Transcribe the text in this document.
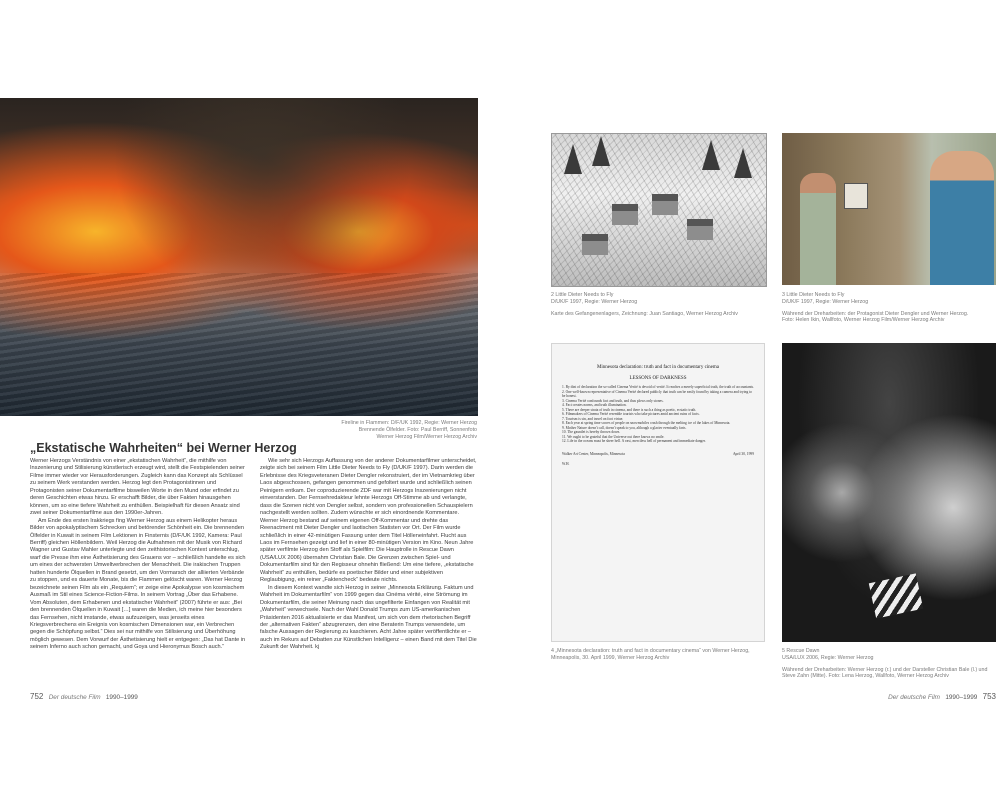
Fireline in Flammen: D/F/UK 1992, Regie: Werner Herzog

Brennende Ölfelder. Foto: Paul Berriff, Sonnenfoto

Werner Herzog Film/Werner Herzog Archiv

„Ekstatische Wahrheiten“ bei Werner Herzog

Werner Herzogs Verständnis von einer „ekstatischen Wahrheit“, die mithilfe von Inszenierung und Stilisierung künstlerisch erzeugt wird, stellt die Festspielenden seiner Filme immer wieder vor Herausforderungen. Zugleich kann das Konzept als Schlüssel zu seinem Werk verstanden werden. Herzog legt den Protagonistinnen und Protagonisten seiner Dokumentarfilme bisweilen Worte in den Mund oder erfindet zu deren Geschichten etwas hinzu. Er erschafft Bilder, die über Fakten hinausgehen können, um so eine tiefere Wahrheit zu enthüllen. Beispielhaft für diesen Ansatz sind zwei seiner Dokumentarfilme aus den 1990er-Jahren.

Am Ende des ersten Irakkriegs fing Werner Herzog aus einem Helikopter heraus Bilder von apokalyptischem Schrecken und betörender Schönheit ein. Die brennenden Ölfelder in Kuwait in seinem Film Lektionen in Finsternis (D/F/UK 1992, Kamera: Paul Berriff) gleichen Höllenbildern. Weil Herzog die Aufnahmen mit der Musik von Richard Wagner und Gustav Mahler unterlegte und den zeithistorischen Kontext unterschlug, warf die Presse ihm eine Ästhetisierung des Grauens vor – schließlich handelte es sich um eines der schwersten Umweltverbrechen der Menschheit. Die irakischen Truppen hatten hunderte Ölquellen in Brand gesetzt, um den Vormarsch der alliierten Verbände zu stoppen, und es dauerte Monate, bis die Flammen gelöscht waren. Werner Herzog bezeichnete seinen Film als ein „Requiem“; er zeige eine Apokalypse von kosmischem Ausmaß im Stil eines Science-Fiction-Films. In seinem Vortrag „Über das Erhabene. Vom Absoluten, dem Erhabenen und ekstatischer Wahrheit“ (2007) führte er aus: „Bei den brennenden Ölquellen in Kuwait […] waren die Medien, ich meine hier besonders das Fernsehen, nicht imstande, etwas aufzuzeigen, was jenseits eines Kriegsverbrechens ein Ereignis von kosmischen Dimensionen war, ein Verbrechen gegen die Schöpfung selbst.“ Dies sei nur mithilfe von Stilisierung und Überhöhung möglich gewesen. Dem Vorwurf der Ästhetisierung hielt er entgegen: „Das hat Dante in seinem Inferno auch schon gemacht, und Goya und Hieronymus Bosch auch.“

Wie sehr sich Herzogs Auffassung von der anderer Dokumentarfilmer unterscheidet, zeigte sich bei seinem Film Little Dieter Needs to Fly (D/UK/F 1997). Darin werden die Erlebnisse des Kriegsveteranen Dieter Dengler rekonstruiert, der im Vietnamkrieg über Laos abgeschossen, gefangen genommen und gefoltert wurde und schließlich seinen Peinigern entkam. Der coproduzierende ZDF war mit Herzogs Inszenierungen nicht einverstanden. Der Fernsehredakteur lehnte Herzogs Off-Stimme ab und verlangte, dass die Szenen nicht von Dengler selbst, sondern von professionellen Schauspielern nachgestellt werden sollten. Zudem wünschte er sich einordnende Kommentare. Werner Herzog bestand auf seinem eigenen Off-Kommentar und drehte das Reenactment mit Dieter Dengler und laotischen Statisten vor Ort. Der Film wurde schließlich in einer 42-minütigen Fassung unter dem Titel Hölleneinfahrt. Flucht aus Laos im Fernsehen gezeigt und lief in einer 80-minütigen Version im Kino. Neun Jahre später verfilmte Herzog den Stoff als Spielfilm: Die Hauptrolle in Rescue Dawn (USA/LUX 2006) übernahm Christian Bale. Die Grenzen zwischen Spiel- und Dokumentarfilm sind für den Regisseur ohnehin fließend: Um eine tiefere, „ekstatische Wahrheit“ zu enthüllen, bedürfe es poetischer Bilder und einer subjektiven Reglaubigung, ein reiner „Faktencheck“ bedeute nichts.

In diesem Kontext wandte sich Herzog in seiner „Minnesota Erklärung. Faktum und Wahrheit im Dokumentarfilm“ von 1999 gegen das Cinéma vérité, eine Strömung im Dokumentarfilm, die seiner Meinung nach das ungefilterte Einfangen von Realität mit „Wahrheit“ verwechsele. Nach der Wahl Donald Trumps zum US-amerikanischen Präsidenten 2016 aktualisierte er das Manifest, um sich von dem rhetorischen Begriff der „alternativen Fakten“ abzugrenzen, den eine Beraterin Trumps verwendete, um falsche Aussagen der Regierung zu kaschieren. Acht Jahre später veröffentlichte er – auch im Rekurs auf Debatten zur Künstlichen Intelligenz – einen Band mit dem Titel Die Zukunft der Wahrheit. kj

752 Der deutsche Film 1990–1999

2 Little Dieter Needs to Fly

D/UK/F 1997, Regie: Werner Herzog

Karte des Gefangenenlagers, Zeichnung: Juan Santiago, Werner Herzog Archiv

3 Little Dieter Needs to Fly

D/UK/F 1997, Regie: Werner Herzog

Während der Dreharbeiten: der Protagonist Dieter Dengler und Werner Herzog.

Foto: Helen Ikin, Wallfoto, Werner Herzog Film/Werner Herzog Archiv

Minnesota declaration: truth and fact in documentary cinema

LESSONS OF DARKNESS

1. By dint of declaration the so-called Cinema Verité is devoid of verité. It reaches a merely superficial truth, the truth of accountants.

2. One well-known representative of Cinema Verité declared publicly that truth can be easily found by taking a camera and trying to be honest.

3. Cinema Verité confounds fact and truth, and thus plows only stones.

4. Fact creates norms, and truth illumination.

5. There are deeper strata of truth in cinema, and there is such a thing as poetic, ecstatic truth.

6. Filmmakers of Cinema Verité resemble tourists who take pictures amid ancient ruins of facts.

7. Tourism is sin, and travel on foot virtue.

8. Each year at spring time scores of people on snowmobiles crash through the melting ice of the lakes of Minnesota.

9. Mother Nature doesn't call, doesn't speak to you, although a glacier eventually farts.

10. The gauntlet is hereby thrown down.

11. We ought to be grateful that the Universe out there knows no smile.

12. Life in the oceans must be sheer hell. A vast, merciless hell of permanent and immediate danger.

Walker Art Center, Minneapolis, Minnesota	April 30, 1999

W.H.

4 „Minnesota declaration: truth and fact in documentary cinema“ von Werner Herzog,

Minneapolis, 30. April 1999, Werner Herzog Archiv

5 Rescue Dawn

USA/LUX 2006, Regie: Werner Herzog

Während der Dreharbeiten: Werner Herzog (r.) und der Darsteller Christian Bale (l.) und

Steve Zahn (Mitte). Foto: Lena Herzog, Wallfoto, Werner Herzog Archiv

Der deutsche Film 1990–1999 753
